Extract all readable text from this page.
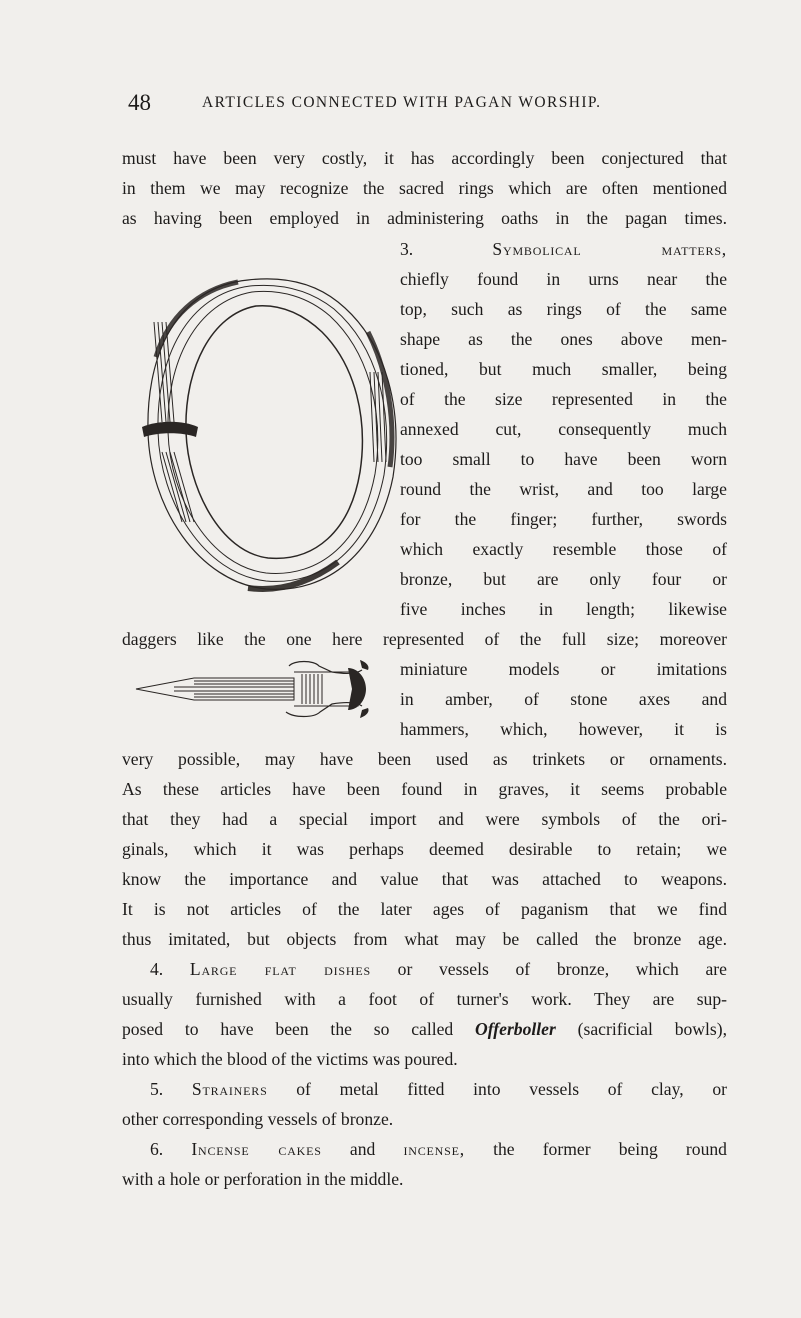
48	ARTICLES CONNECTED WITH PAGAN WORSHIP.
must have been very costly, it has accordingly been conjectured that
in them we may recognize the sacred rings which are often mentioned
as having been employed in administering oaths in the pagan times.
3.	Symbolical matters,
chiefly found in urns near the
top, such as rings of the same
shape as the ones above men-
tioned, but much smaller, being
of the size represented in the
annexed cut, consequently much
too small to have been worn
round the wrist, and too large
for the finger; further, swords
which exactly resemble those of
bronze, but are only four or
five inches in length; likewise
daggers like the one here represented of the full size; moreover
miniature models or imitations
in amber, of stone axes and
hammers, which, however, it is
very possible, may have been used as trinkets or ornaments.
As these articles have been found in graves, it seems probable
that they had a special import and were symbols of the ori-
ginals, which it was perhaps deemed desirable to retain; we
know the importance and value that was attached to weapons.
It is not articles of the later ages of paganism that we find
thus imitated, but objects from what may be called the bronze age.
4. Large flat dishes or vessels of bronze, which are
usually furnished with a foot of turner's work. They are sup-
posed to have been the so called Offerboller (sacrificial bowls),
into which the blood of the victims was poured.
5. Strainers of metal fitted into vessels of clay, or
other corresponding vessels of bronze.
6. Incense cakes and incense, the former being round
with a hole or perforation in the middle.
